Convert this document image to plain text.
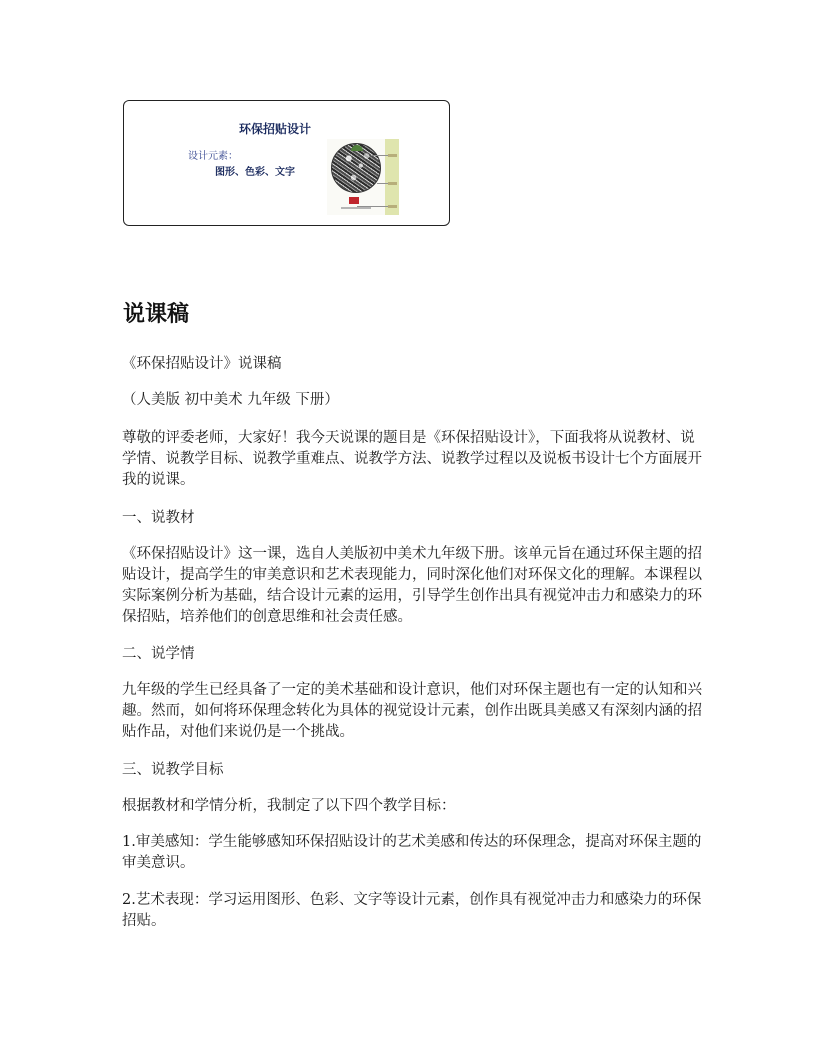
环保招贴设计
设计元素：
图形、色彩、文字
说课稿

《环保招贴设计》说课稿

（人美版 初中美术 九年级 下册）

尊敬的评委老师，大家好！我今天说课的题目是《环保招贴设计》，下面我将从说教材、说学情、说教学目标、说教学重难点、说教学方法、说教学过程以及说板书设计七个方面展开我的说课。

一、说教材

《环保招贴设计》这一课，选自人美版初中美术九年级下册。该单元旨在通过环保主题的招贴设计，提高学生的审美意识和艺术表现能力，同时深化他们对环保文化的理解。本课程以实际案例分析为基础，结合设计元素的运用，引导学生创作出具有视觉冲击力和感染力的环保招贴，培养他们的创意思维和社会责任感。

二、说学情

九年级的学生已经具备了一定的美术基础和设计意识，他们对环保主题也有一定的认知和兴趣。然而，如何将环保理念转化为具体的视觉设计元素，创作出既具美感又有深刻内涵的招贴作品，对他们来说仍是一个挑战。

三、说教学目标

根据教材和学情分析，我制定了以下四个教学目标：

1.审美感知：学生能够感知环保招贴设计的艺术美感和传达的环保理念，提高对环保主题的审美意识。

2.艺术表现：学习运用图形、色彩、文字等设计元素，创作具有视觉冲击力和感染力的环保招贴。
